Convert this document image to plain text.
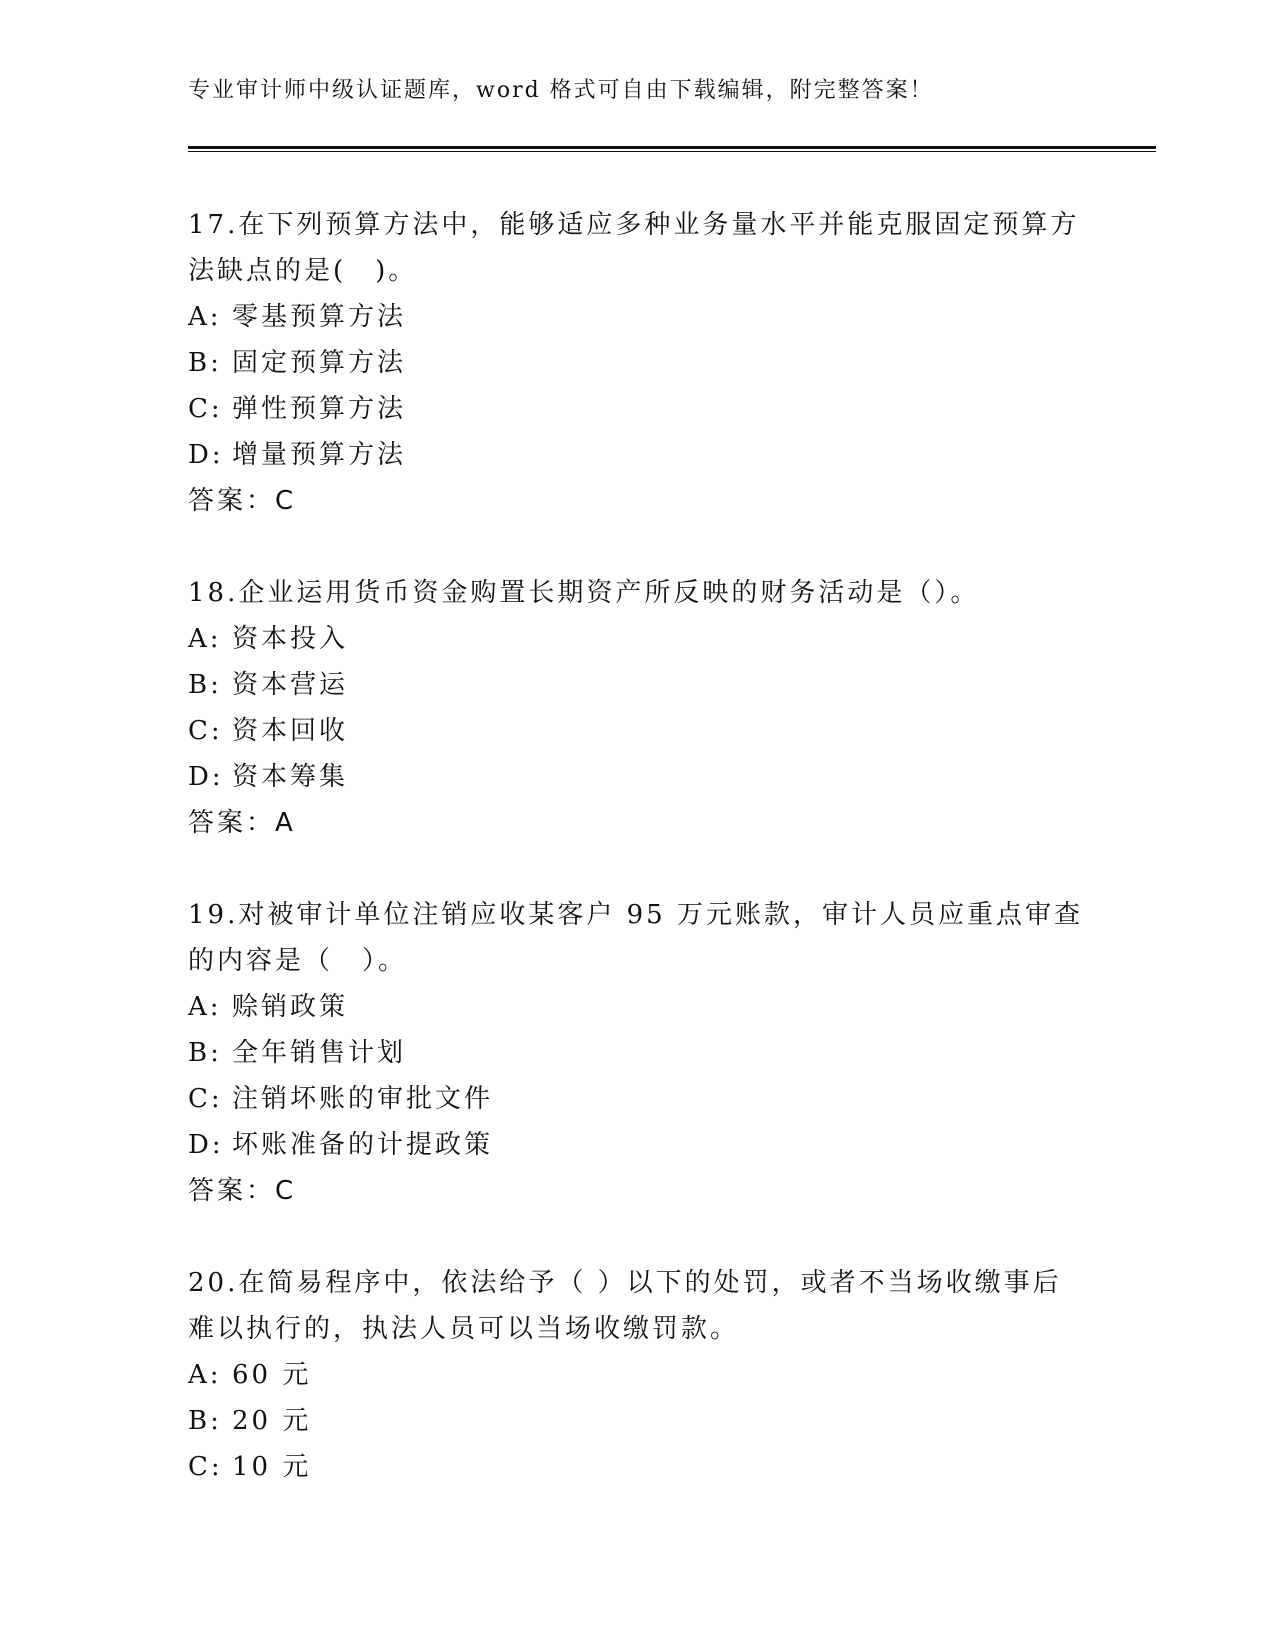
专业审计师中级认证题库，word 格式可自由下载编辑，附完整答案！

17.在下列预算方法中，能够适应多种业务量水平并能克服固定预算方法缺点的是(　)。

A: 零基预算方法
B: 固定预算方法
C: 弹性预算方法
D: 增量预算方法
答案：C

18.企业运用货币资金购置长期资产所反映的财务活动是（）。

A: 资本投入
B: 资本营运
C: 资本回收
D: 资本筹集
答案：A

19.对被审计单位注销应收某客户 95 万元账款，审计人员应重点审查的内容是（　）。

A: 赊销政策
B: 全年销售计划
C: 注销坏账的审批文件
D: 坏账准备的计提政策
答案：C

20.在简易程序中，依法给予（ ）以下的处罚，或者不当场收缴事后难以执行的，执法人员可以当场收缴罚款。

A: 60 元
B: 20 元
C: 10 元
